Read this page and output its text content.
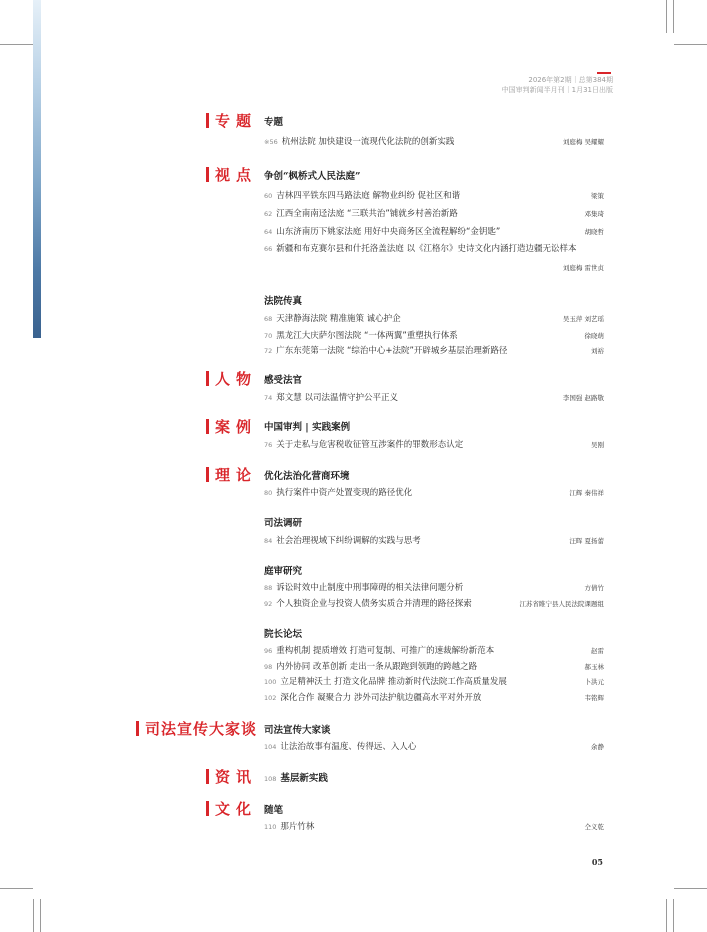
2026年第2期｜总第384期
中国审判新闻半月刊｜1月31日出版
专题 专题
※56 杭州法院 加快建设一流现代化法院的创新实践	刘庭梅 吴耀耀
视点 争创“枫桥式人民法庭”
60 吉林四平铁东四马路法庭 解物业纠纷 促社区和谐	梁策
62 江西全南南迳法庭 “三联共治”铺就乡村善治新路	邓集琦
64 山东济南历下姚家法庭 用好中央商务区全流程解纷“金钥匙”	胡晓哲
66 新疆和布克赛尔县和什托洛盖法庭 以《江格尔》史诗文化内涵打造边疆无讼样本
刘庭梅 雷世贞
法院传真
68 天津静海法院 精准施策 诚心护企	吴玉萍 刘艺瑶
70 黑龙江大庆萨尔图法院 “一体两翼”重塑执行体系	徐晓萌
72 广东东莞第一法院 “综治中心+法院”开辟城乡基层治理新路径	刘裕
人物 感受法官
74 郑文慧 以司法温情守护公平正义	李国强 赵路敬
案例 中国审判 | 实践案例
76 关于走私与危害税收征管互涉案件的罪数形态认定	吴刚
理论 优化法治化营商环境
80 执行案件中资产处置变现的路径优化	江辉 秦伟祥
司法调研
84 社会治理视域下纠纷调解的实践与思考	汪晖 夏扬蕾
庭审研究
88 诉讼时效中止制度中刑事障碍的相关法律问题分析	方倩竹
92 个人独资企业与投资人债务实质合并清理的路径探索	江苏省睢宁县人民法院课题组
院长论坛
96 重构机制 提质增效 打造可复制、可推广的速裁解纷新范本	赵雷
98 内外协同 改革创新 走出一条从跟跑到领跑的跨越之路	郝玉林
100 立足精神沃土 打造文化品牌 推动新时代法院工作高质量发展	卜洪元
102 深化合作 凝聚合力 涉外司法护航边疆高水平对外开放	韦铭辉
司法宣传大家谈 司法宣传大家谈
104 让法治故事有温度、传得远、入人心	余静
资讯 108 基层新实践
文化 随笔
110 那片竹林	仝义乾
05
